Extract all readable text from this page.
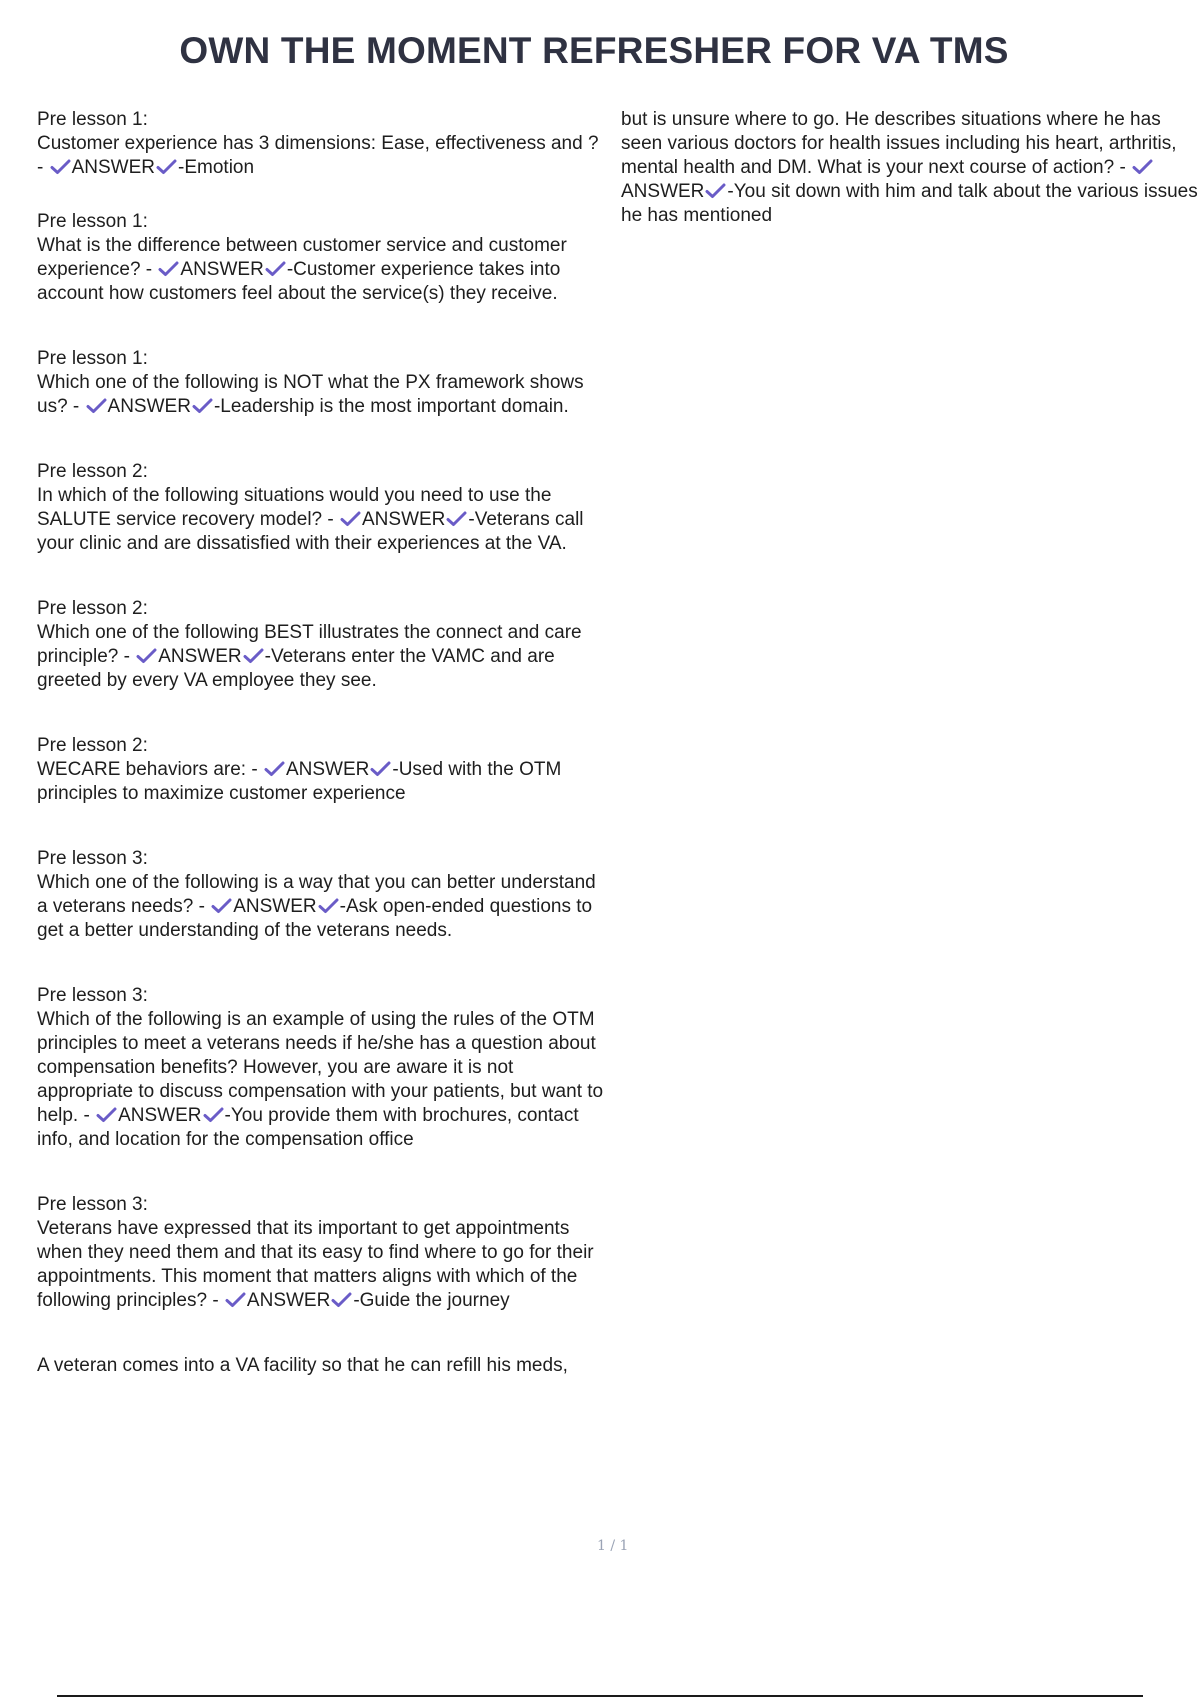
OWN THE MOMENT REFRESHER FOR VA TMS
Pre lesson 1:
Customer experience has 3 dimensions: Ease, effectiveness and ? -
ANSWER -Emotion
Pre lesson 1:
What is the difference between customer service and customer experience? -
ANSWER -Customer experience takes into account how customers feel about the service(s) they receive.
Pre lesson 1:
Which one of the following is NOT what the PX framework shows us? -
ANSWER -Leadership is the most important domain.
Pre lesson 2:
In which of the following situations would you need to use the SALUTE service recovery model? -
ANSWER -Veterans call your clinic and are dissatisfied with their experiences at the VA.
Pre lesson 2:
Which one of the following BEST illustrates the connect and care principle? -
ANSWER -Veterans enter the VAMC and are greeted by every VA employee they see.
Pre lesson 2:
WECARE behaviors are: -
ANSWER -Used with the OTM principles to maximize customer experience
Pre lesson 3:
Which one of the following is a way that you can better understand a veterans needs? -
ANSWER -Ask open-ended questions to get a better understanding of the veterans needs.
Pre lesson 3:
Which of the following is an example of using the rules of the OTM principles to meet a veterans needs if he/she has a question about compensation benefits? However, you are aware it is not appropriate to discuss compensation with your patients, but want to help. -
ANSWER -You provide them with brochures, contact info, and location for the compensation office
Pre lesson 3:
Veterans have expressed that its important to get appointments when they need them and that its easy to find where to go for their appointments. This moment that matters aligns with which of the following principles? -
ANSWER -Guide the journey
A veteran comes into a VA facility so that he can refill his meds,
but is unsure where to go. He describes situations where he has seen various doctors for health issues including his heart, arthritis, mental health and DM. What is your next course of action? -
ANSWER -You sit down with him and talk about the various issues he has mentioned
1 / 1
